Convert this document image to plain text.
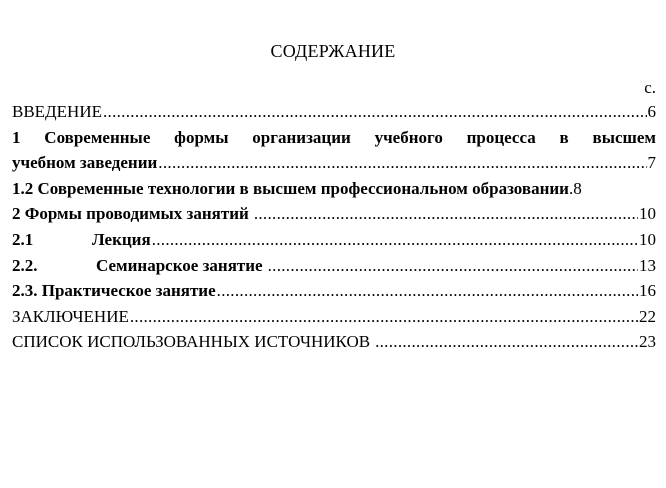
СОДЕРЖАНИЕ
с.
ВВЕДЕНИЕ .....	6
1 Современные формы организации учебного процесса в высшем
учебном заведении .....	7
1.2 Современные технологии в высшем профессиональном образовании . 8
2 Формы проводимых занятий .....	10
2.1	Лекция .....	10
2.2.	Семинарское занятие .....	13
2.3. Практическое занятие .....	16
ЗАКЛЮЧЕНИЕ .....	22
СПИСОК ИСПОЛЬЗОВАННЫХ ИСТОЧНИКОВ .....	23
